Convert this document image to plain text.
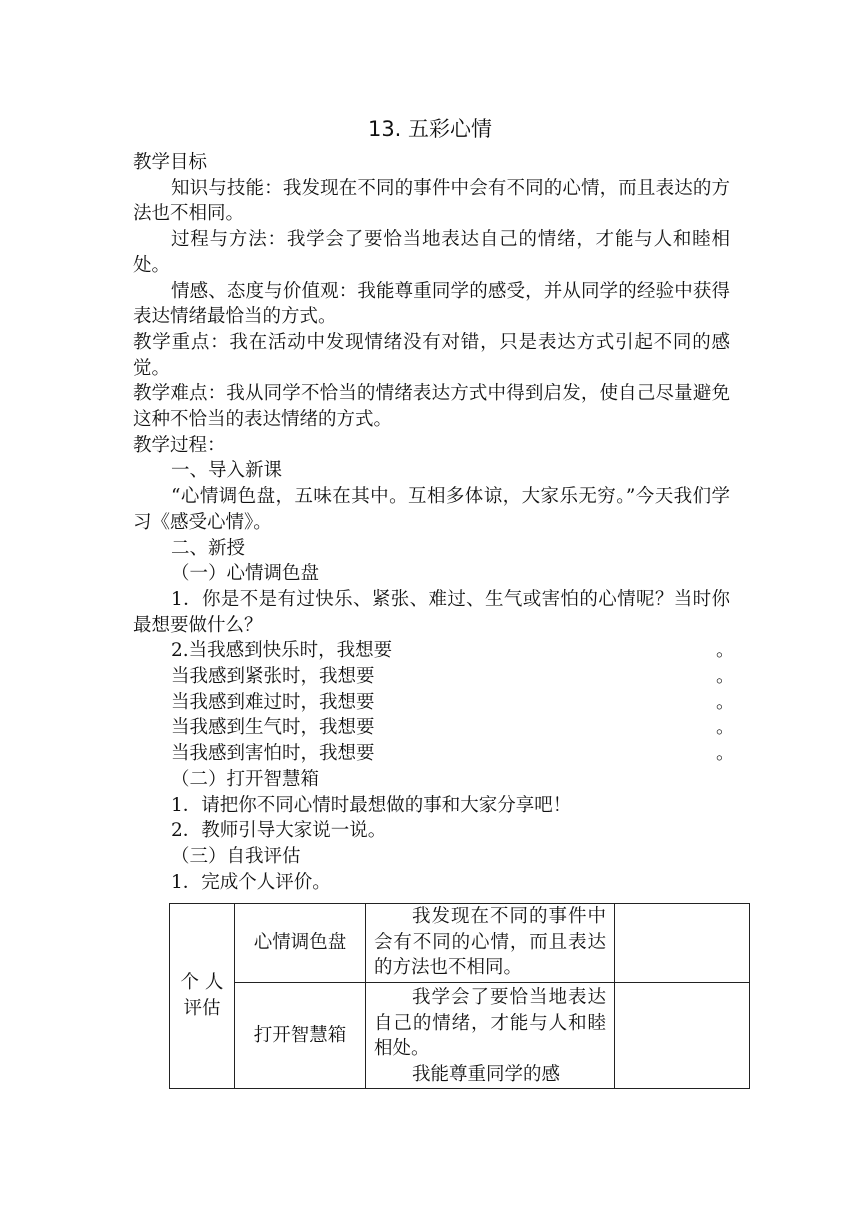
13. 五彩心情

教学目标

知识与技能：我发现在不同的事件中会有不同的心情，而且表达的方法也不相同。

过程与方法：我学会了要恰当地表达自己的情绪，才能与人和睦相处。

情感、态度与价值观：我能尊重同学的感受，并从同学的经验中获得表达情绪最恰当的方式。

教学重点：我在活动中发现情绪没有对错，只是表达方式引起不同的感觉。

教学难点：我从同学不恰当的情绪表达方式中得到启发，使自己尽量避免这种不恰当的表达情绪的方式。

教学过程：

一、导入新课

“心情调色盘，五味在其中。互相多体谅，大家乐无穷。”今天我们学习《感受心情》。

二、新授

（一）心情调色盘

1．你是不是有过快乐、紧张、难过、生气或害怕的心情呢？当时你最想要做什么？

2.当我感到快乐时，我想要	。
当我感到紧张时，我想要	。
当我感到难过时，我想要	。
当我感到生气时，我想要	。
当我感到害怕时，我想要	。

（二）打开智慧箱

1．请把你不同心情时最想做的事和大家分享吧！

2．教师引导大家说一说。

（三）自我评估

1．完成个人评价。

个 人
评估	心情调色盘	我发现在不同的事件中会有不同的心情，而且表达的方法也不相同。	

	打开智慧箱	我学会了要恰当地表达自己的情绪，才能与人和睦相处。

我能尊重同学的感	
